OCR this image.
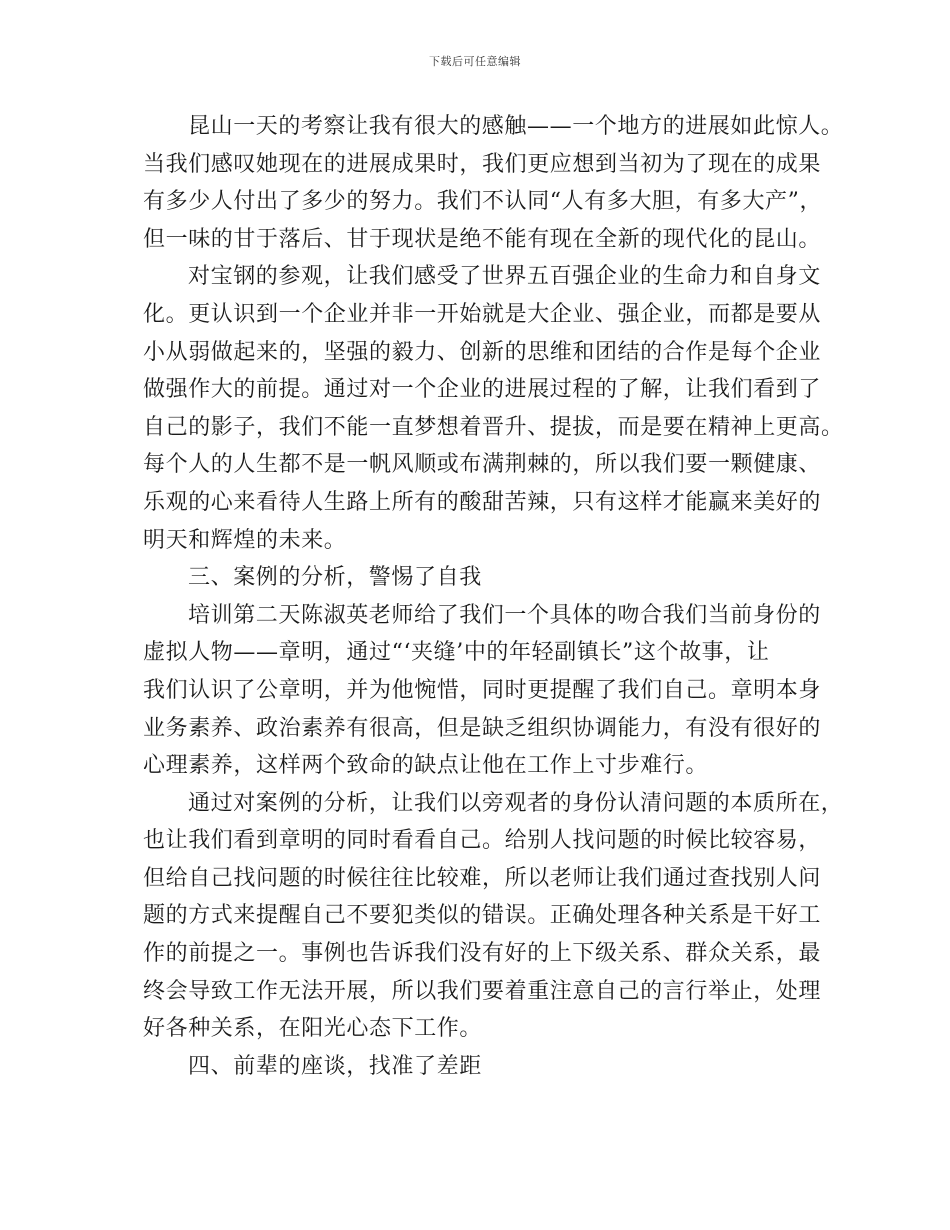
下载后可任意编辑
昆山一天的考察让我有很大的感触——一个地方的进展如此惊人。
当我们感叹她现在的进展成果时，我们更应想到当初为了现在的成果
有多少人付出了多少的努力。我们不认同“人有多大胆，有多大产”，
但一味的甘于落后、甘于现状是绝不能有现在全新的现代化的昆山。
对宝钢的参观，让我们感受了世界五百强企业的生命力和自身文
化。更认识到一个企业并非一开始就是大企业、强企业，而都是要从
小从弱做起来的，坚强的毅力、创新的思维和团结的合作是每个企业
做强作大的前提。通过对一个企业的进展过程的了解，让我们看到了
自己的影子，我们不能一直梦想着晋升、提拔，而是要在精神上更高。
每个人的人生都不是一帆风顺或布满荆棘的，所以我们要一颗健康、
乐观的心来看待人生路上所有的酸甜苦辣，只有这样才能赢来美好的
明天和辉煌的未来。
三、案例的分析，警惕了自我
培训第二天陈淑英老师给了我们一个具体的吻合我们当前身份的
虚拟人物——章明，通过“‘夹缝’中的年轻副镇长”这个故事，让
我们认识了公章明，并为他惋惜，同时更提醒了我们自己。章明本身
业务素养、政治素养有很高，但是缺乏组织协调能力，有没有很好的
心理素养，这样两个致命的缺点让他在工作上寸步难行。
通过对案例的分析，让我们以旁观者的身份认清问题的本质所在，
也让我们看到章明的同时看看自己。给别人找问题的时候比较容易，
但给自己找问题的时候往往比较难，所以老师让我们通过查找别人问
题的方式来提醒自己不要犯类似的错误。正确处理各种关系是干好工
作的前提之一。事例也告诉我们没有好的上下级关系、群众关系，最
终会导致工作无法开展，所以我们要着重注意自己的言行举止，处理
好各种关系，在阳光心态下工作。
四、前辈的座谈，找准了差距
